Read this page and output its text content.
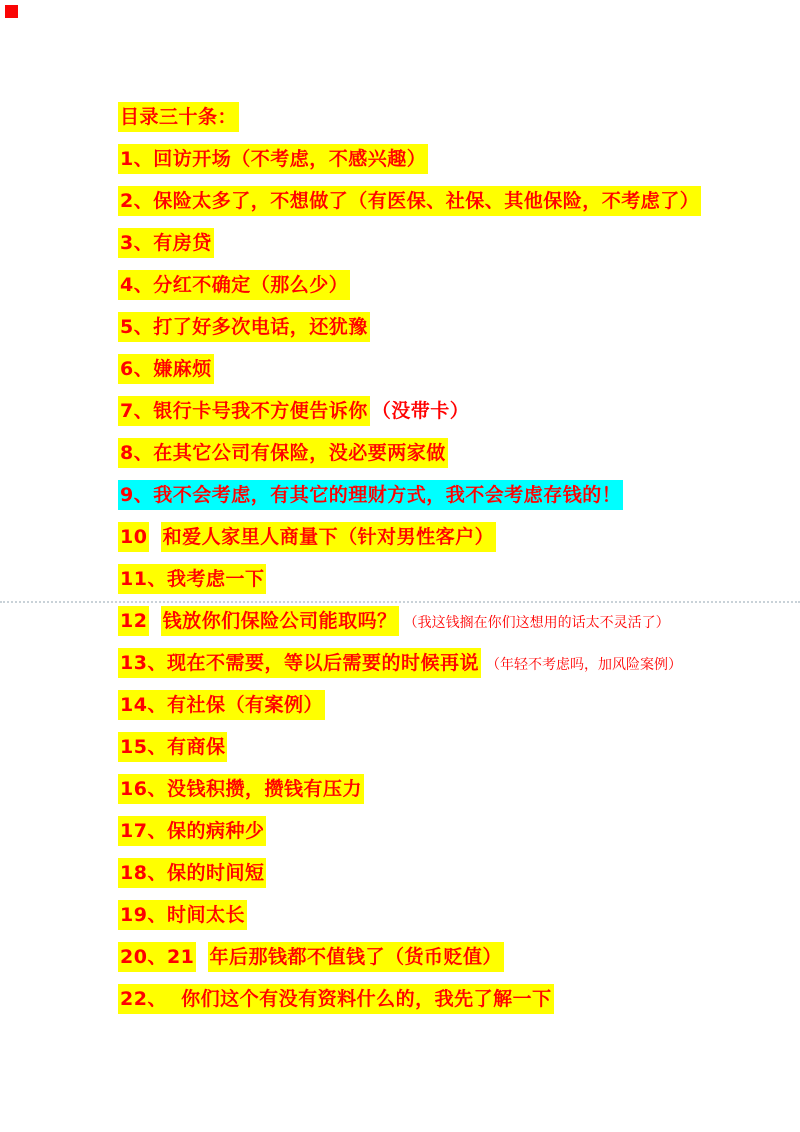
目录三十条：
1、回访开场（不考虑，不感兴趣）
2、保险太多了，不想做了（有医保、社保、其他保险，不考虑了）
3、有房贷
4、分红不确定（那么少）
5、打了好多次电话，还犹豫
6、嫌麻烦
7、银行卡号我不方便告诉你 （没带卡）
8、在其它公司有保险，没必要两家做
9、我不会考虑，有其它的理财方式，我不会考虑存钱的！
10 和爱人家里人商量下（针对男性客户）
11、我考虑一下
12 钱放你们保险公司能取吗？ （我这钱搁在你们这想用的话太不灵活了）
13、现在不需要，等以后需要的时候再说 （年轻不考虑吗，加风险案例）
14、有社保（有案例）
15、有商保
16、没钱积攒，攒钱有压力
17、保的病种少
18、保的时间短
19、时间太长
20、21 年后那钱都不值钱了（货币贬值）
22、  你们这个有没有资料什么的，我先了解一下
